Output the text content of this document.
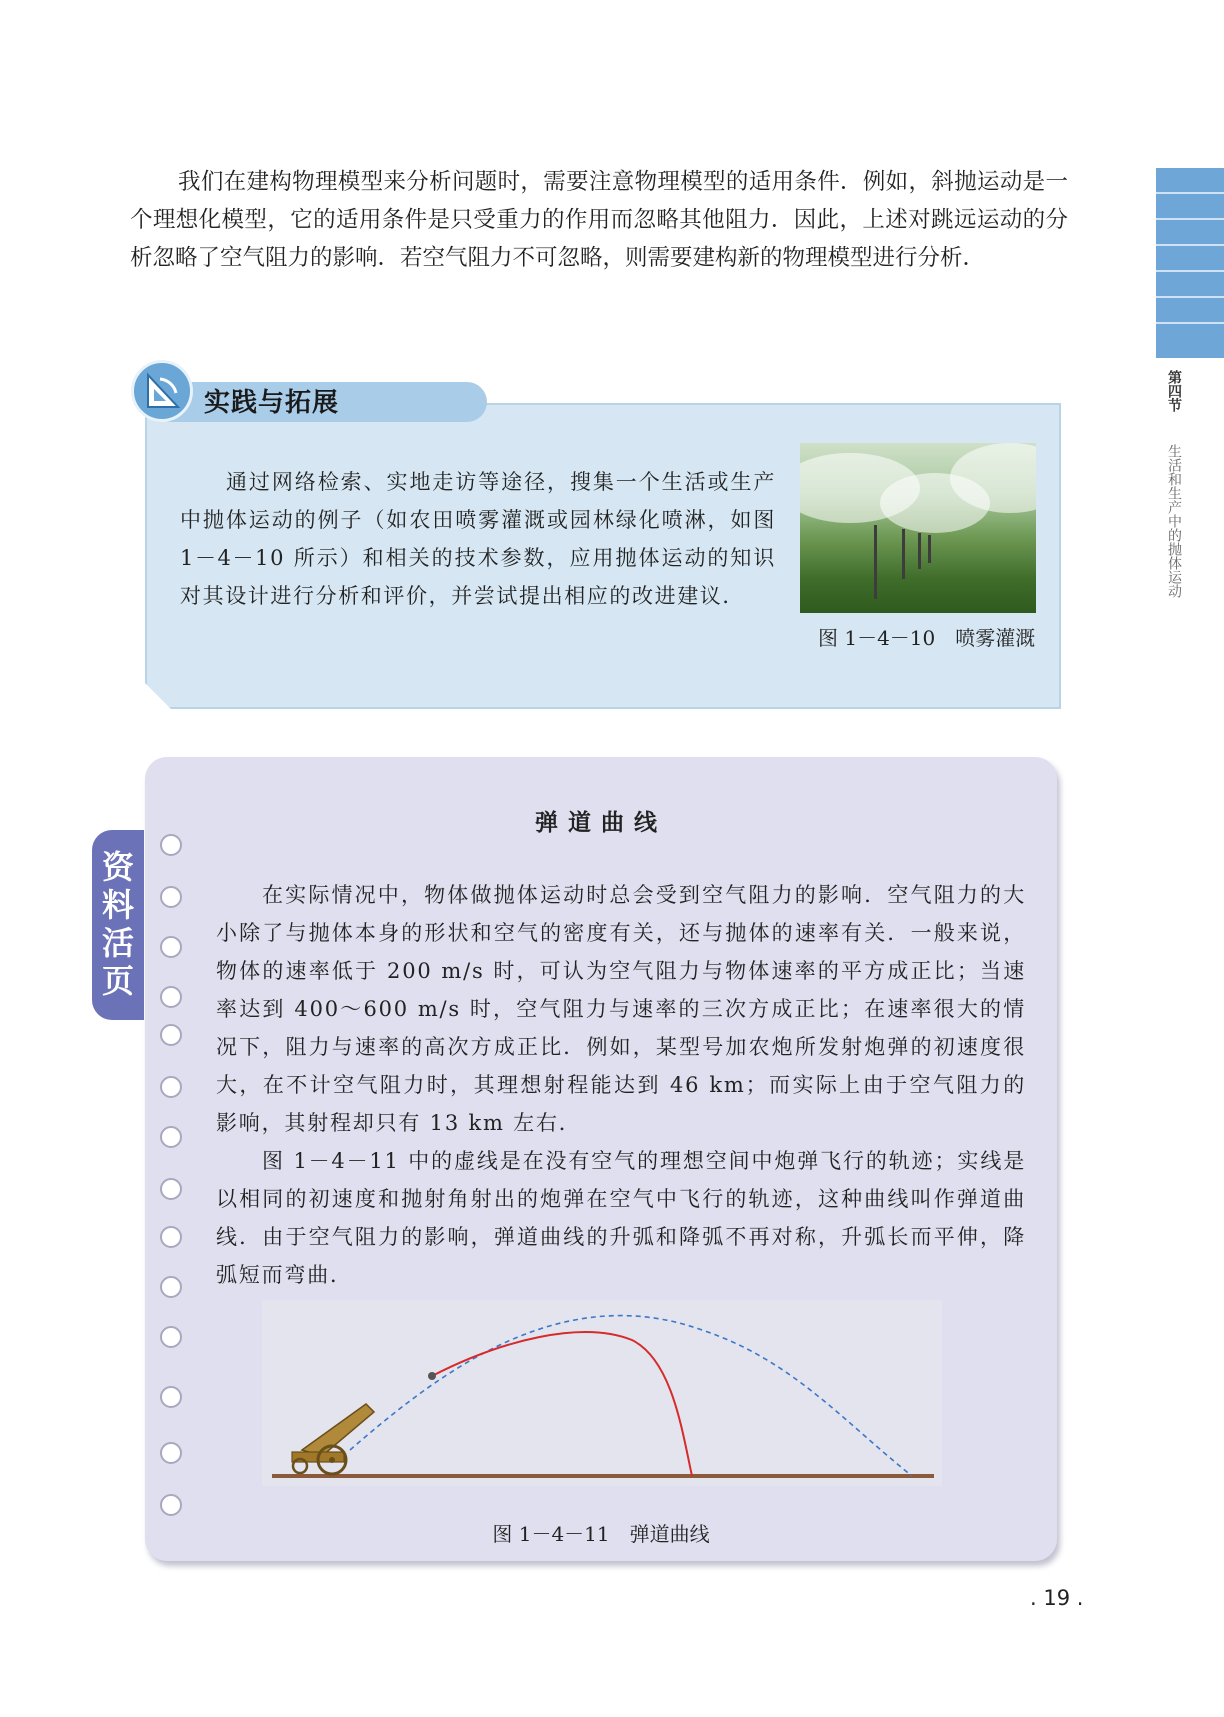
我们在建构物理模型来分析问题时，需要注意物理模型的适用条件．例如，斜抛运动是一个理想化模型，它的适用条件是只受重力的作用而忽略其他阻力．因此，上述对跳远运动的分析忽略了空气阻力的影响．若空气阻力不可忽略，则需要建构新的物理模型进行分析．

第四节 生活和生产中的抛体运动
实践与拓展

通过网络检索、实地走访等途径，搜集一个生活或生产中抛体运动的例子（如农田喷雾灌溉或园林绿化喷淋，如图 1－4－10 所示）和相关的技术参数，应用抛体运动的知识对其设计进行分析和评价，并尝试提出相应的改进建议．

图 1－4－10　喷雾灌溉
资料活页
弹道曲线

在实际情况中，物体做抛体运动时总会受到空气阻力的影响．空气阻力的大小除了与抛体本身的形状和空气的密度有关，还与抛体的速率有关．一般来说，物体的速率低于 200 m/s 时，可认为空气阻力与物体速率的平方成正比；当速率达到 400～600 m/s 时，空气阻力与速率的三次方成正比；在速率很大的情况下，阻力与速率的高次方成正比．例如，某型号加农炮所发射炮弹的初速度很大，在不计空气阻力时，其理想射程能达到 46 km；而实际上由于空气阻力的影响，其射程却只有 13 km 左右．

图 1－4－11 中的虚线是在没有空气的理想空间中炮弹飞行的轨迹；实线是以相同的初速度和抛射角射出的炮弹在空气中飞行的轨迹，这种曲线叫作弹道曲线．由于空气阻力的影响，弹道曲线的升弧和降弧不再对称，升弧长而平伸，降弧短而弯曲．

图 1－4－11　弹道曲线
. 19 .
